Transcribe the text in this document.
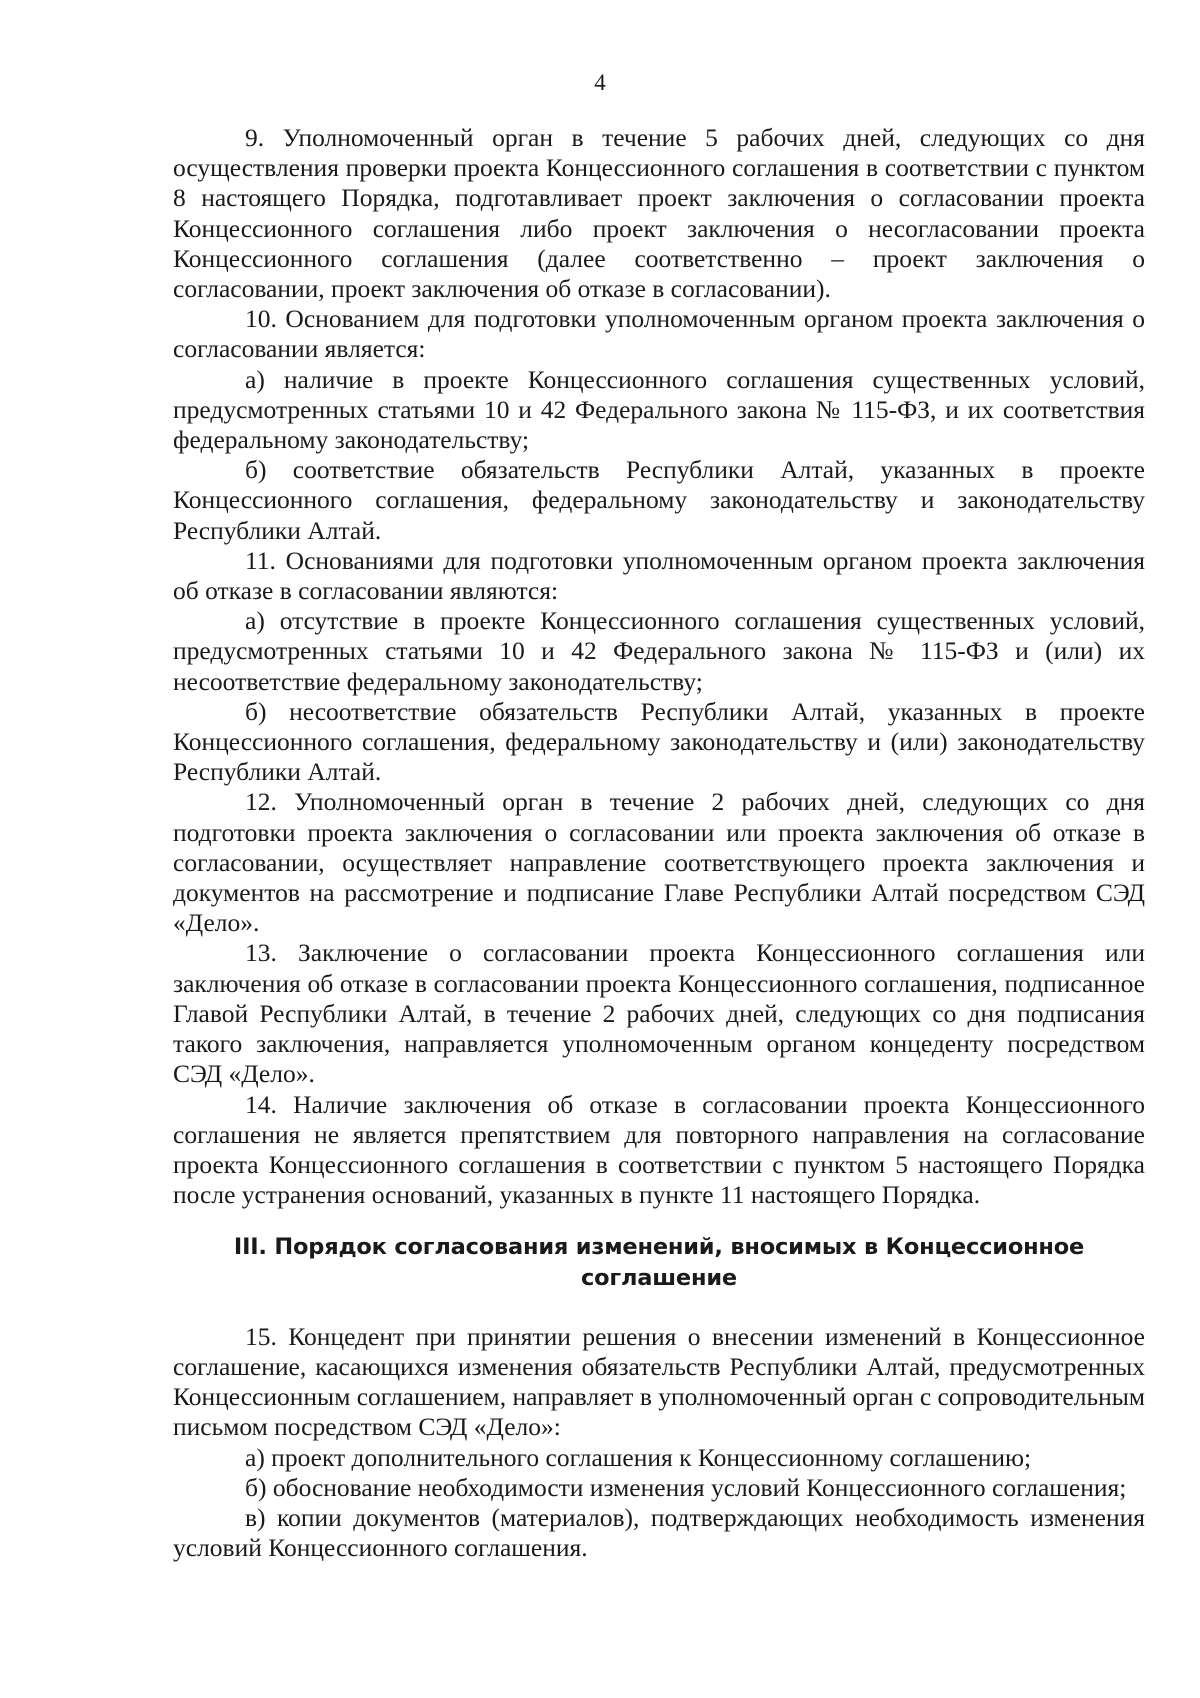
4

9. Уполномоченный орган в течение 5 рабочих дней, следующих со дня осуществления проверки проекта Концессионного соглашения в соответствии с пунктом 8 настоящего Порядка, подготавливает проект заключения о согласовании проекта Концессионного соглашения либо проект заключения о несогласовании проекта Концессионного соглашения (далее соответственно – проект заключения о согласовании, проект заключения об отказе в согласовании).

10. Основанием для подготовки уполномоченным органом проекта заключения о согласовании является:

а) наличие в проекте Концессионного соглашения существенных условий, предусмотренных статьями 10 и 42 Федерального закона № 115-ФЗ, и их соответствия федеральному законодательству;

б) соответствие обязательств Республики Алтай, указанных в проекте Концессионного соглашения, федеральному законодательству и законодательству Республики Алтай.

11. Основаниями для подготовки уполномоченным органом проекта заключения об отказе в согласовании являются:

а) отсутствие в проекте Концессионного соглашения существенных условий, предусмотренных статьями 10 и 42 Федерального закона № 115-ФЗ и (или) их несоответствие федеральному законодательству;

б) несоответствие обязательств Республики Алтай, указанных в проекте Концессионного соглашения, федеральному законодательству и (или) законодательству Республики Алтай.

12. Уполномоченный орган в течение 2 рабочих дней, следующих со дня подготовки проекта заключения о согласовании или проекта заключения об отказе в согласовании, осуществляет направление соответствующего проекта заключения и документов на рассмотрение и подписание Главе Республики Алтай посредством СЭД «Дело».

13. Заключение о согласовании проекта Концессионного соглашения или заключения об отказе в согласовании проекта Концессионного соглашения, подписанное Главой Республики Алтай, в течение 2 рабочих дней, следующих со дня подписания такого заключения, направляется уполномоченным органом концеденту посредством СЭД «Дело».

14. Наличие заключения об отказе в согласовании проекта Концессионного соглашения не является препятствием для повторного направления на согласование проекта Концессионного соглашения в соответствии с пунктом 5 настоящего Порядка после устранения оснований, указанных в пункте 11 настоящего Порядка.

III. Порядок согласования изменений, вносимых в Концессионное соглашение

15. Концедент при принятии решения о внесении изменений в Концессионное соглашение, касающихся изменения обязательств Республики Алтай, предусмотренных Концессионным соглашением, направляет в уполномоченный орган с сопроводительным письмом посредством СЭД «Дело»:

а) проект дополнительного соглашения к Концессионному соглашению;

б) обоснование необходимости изменения условий Концессионного соглашения;

в) копии документов (материалов), подтверждающих необходимость изменения условий Концессионного соглашения.
